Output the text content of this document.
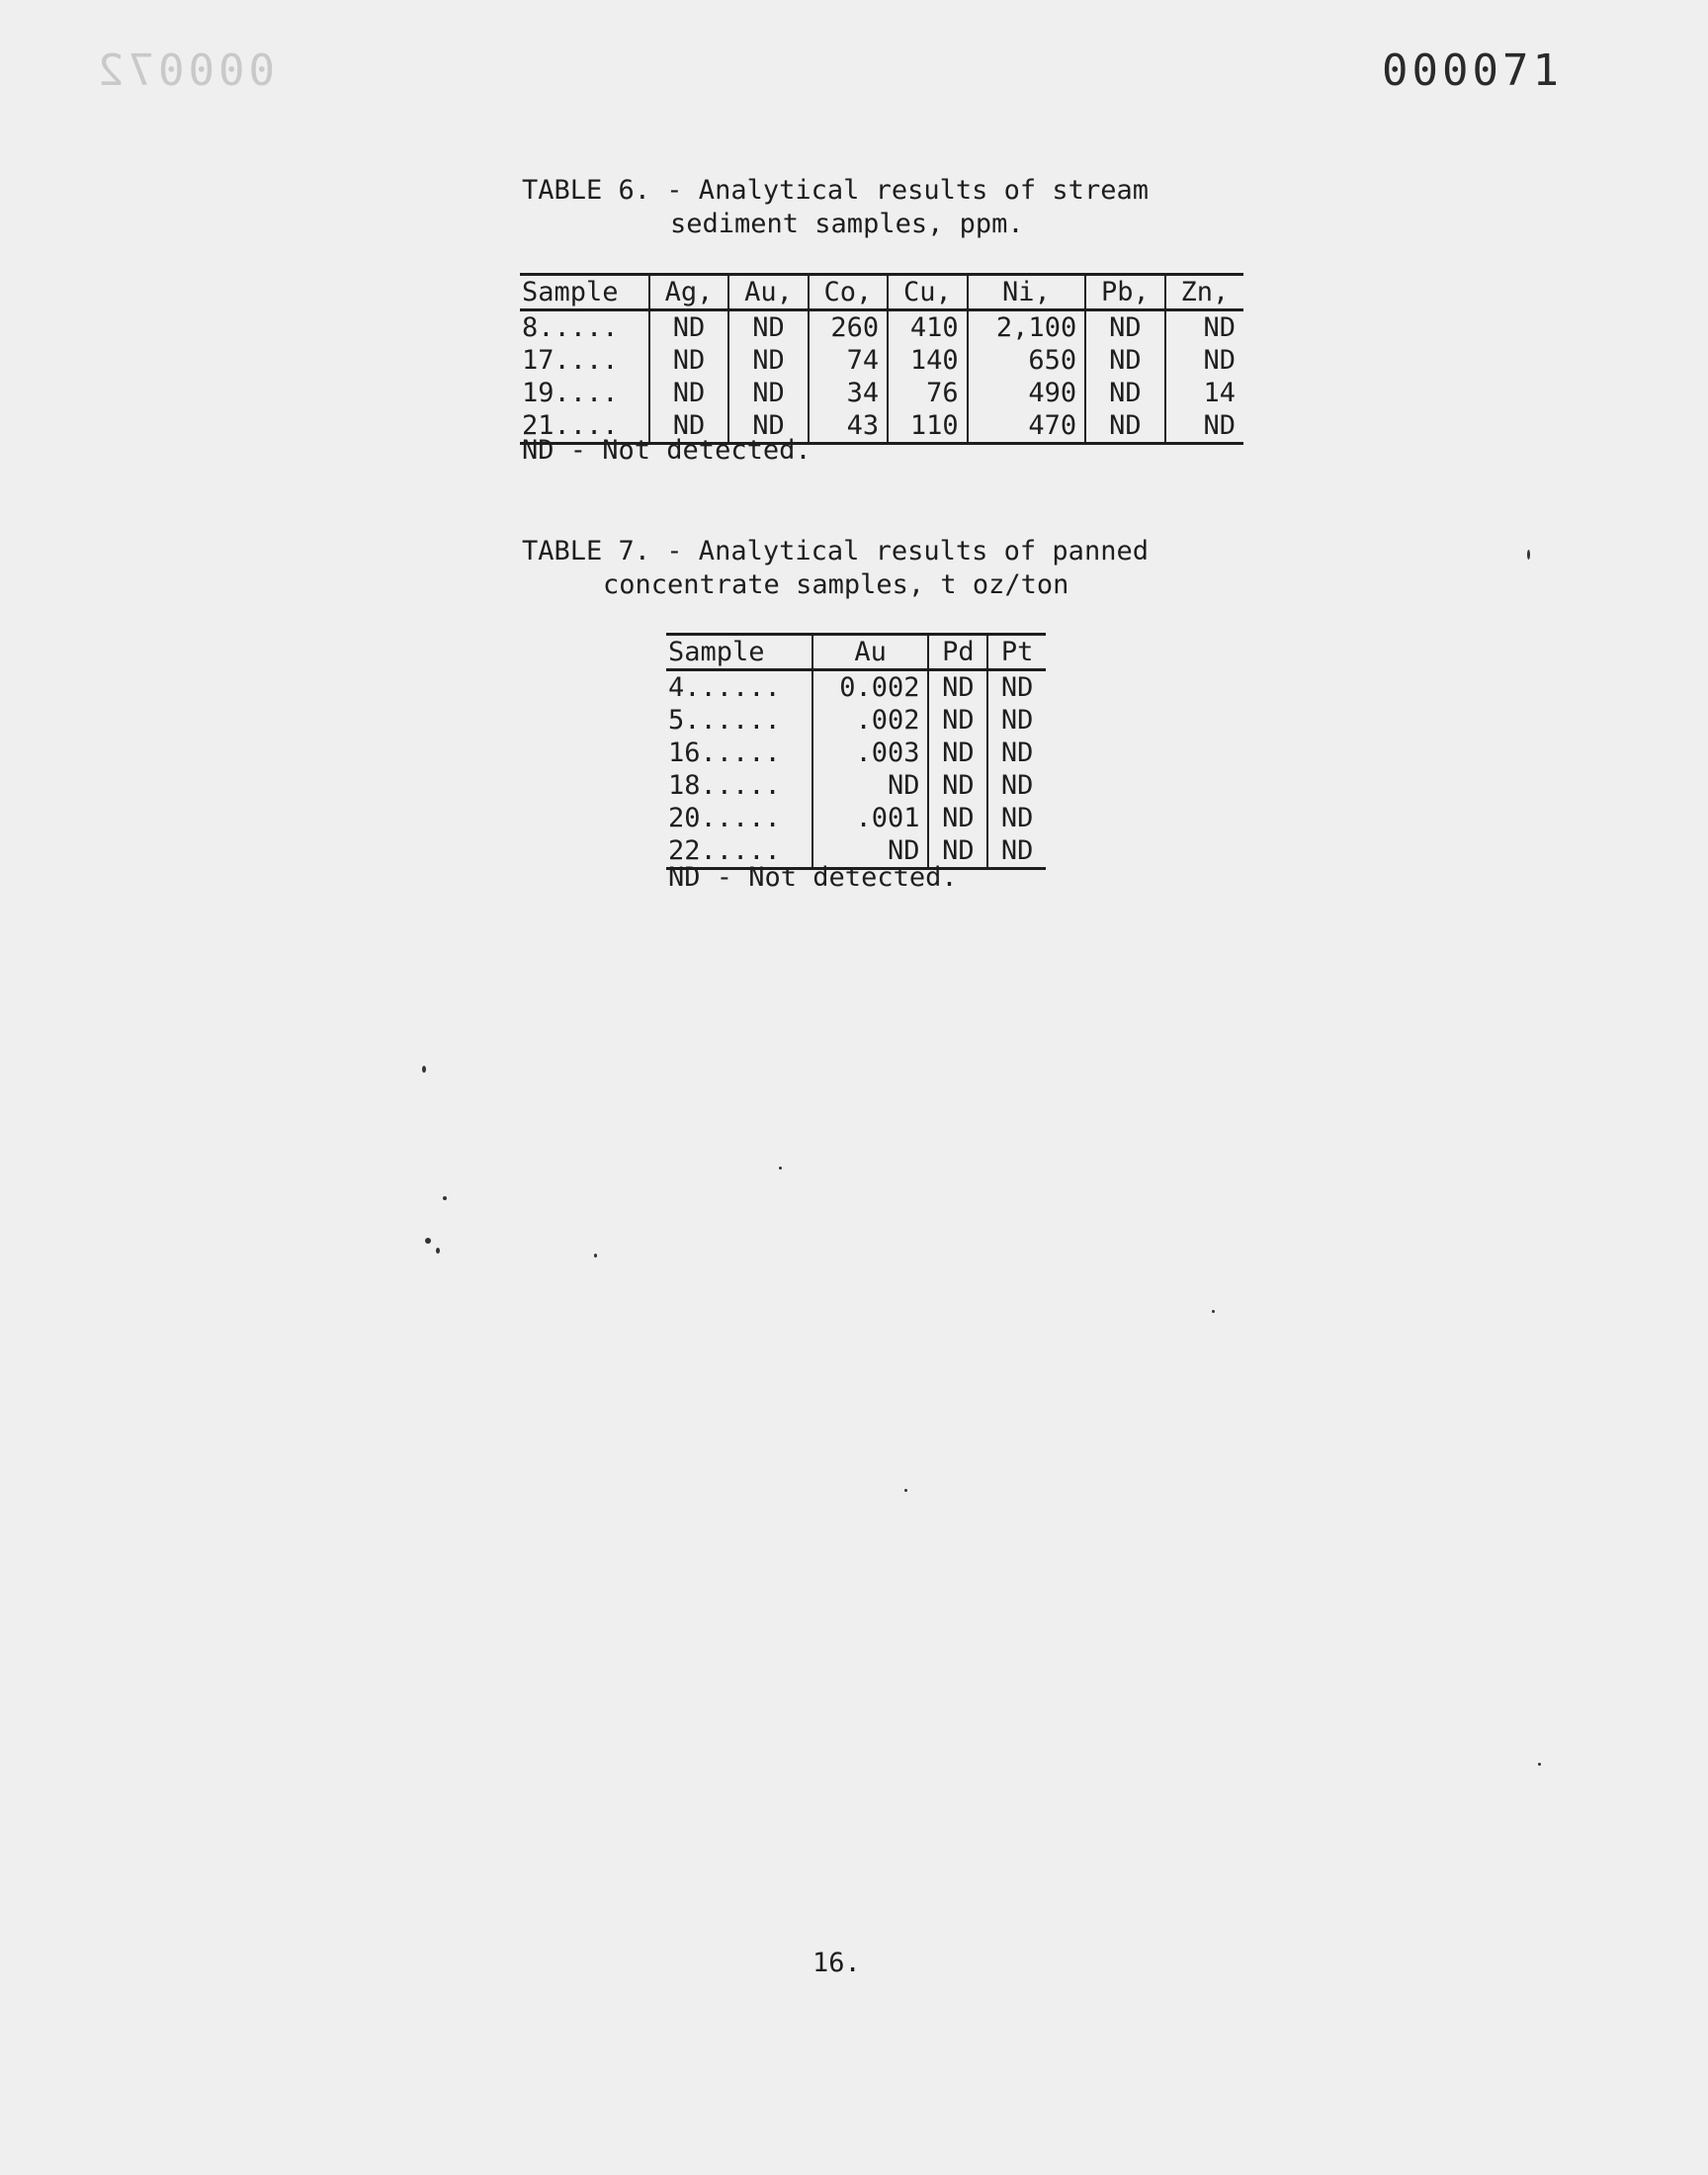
000072	000071
TABLE 6. - Analytical results of stream
sediment samples, ppm.
Sample	Ag,	Au,	Co,	Cu,	Ni,	Pb,	Zn,
8.....	ND	ND	260	410	2,100	ND	ND
17....	ND	ND	74	140	650	ND	ND
19....	ND	ND	34	76	490	ND	14
21....	ND	ND	43	110	470	ND	ND
ND - Not detected.
TABLE 7. - Analytical results of panned
concentrate samples, t oz/ton
Sample	Au	Pd	Pt
4......	0.002	ND	ND
5......	.002	ND	ND
16.....	.003	ND	ND
18.....	ND	ND	ND
20.....	.001	ND	ND
22.....	ND	ND	ND
ND - Not detected.
16.
